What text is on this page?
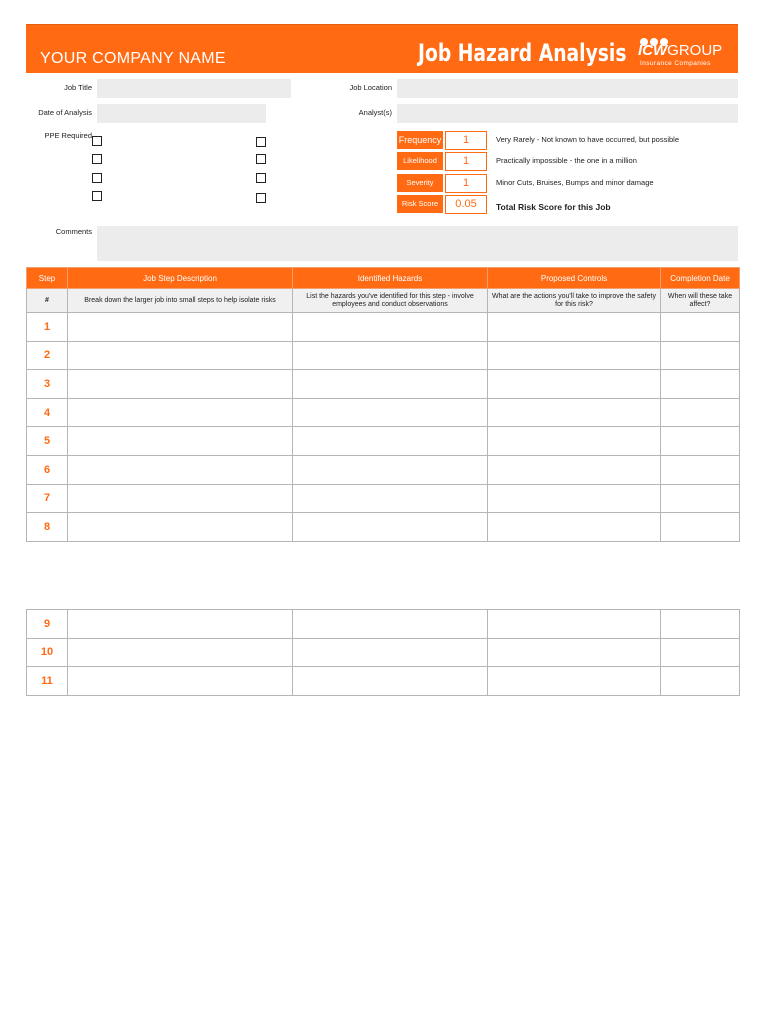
YOUR COMPANY NAME	Job Hazard Analysis ICWGROUP
Insurance Companies
Job Title	Job Location
Date of Analysis	Analyst(s)
PPE Required	Frequency	1	Very Rarely - Not known to have occurred, but possible
Likelihood	1	Practically impossible - the one in a million
Severity	1	Minor Cuts, Bruises, Bumps and minor damage
Risk Score	0.05	Total Risk Score for this Job
Comments
Step	Job Step Description	Identified Hazards	Proposed Controls	Completion Date
#	Break down the larger job into small steps to help isolate risks	List the hazards you've identified for this step - involve employees and conduct observations	What are the actions you'll take to improve the safety for this risk?	When will these take affect?
1				
2				
3				
4				
5				
6				
7				
8				
9				
10				
11				
